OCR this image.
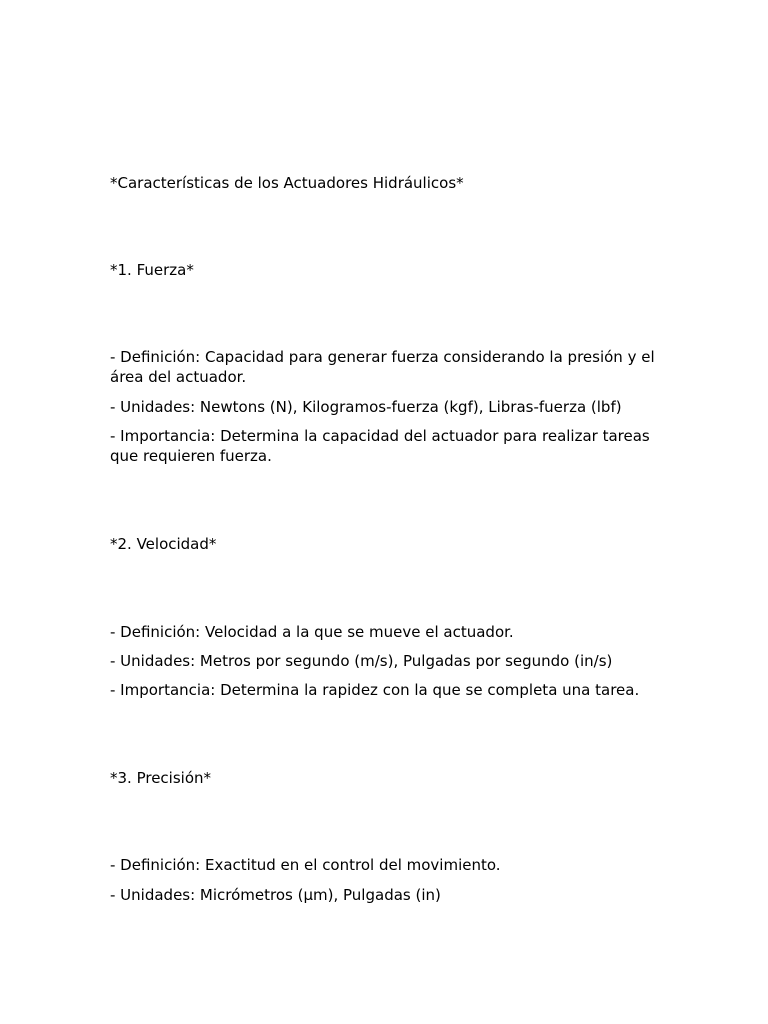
*Características de los Actuadores Hidráulicos*

*1. Fuerza*

- Definición: Capacidad para generar fuerza considerando la presión y el área del actuador.

- Unidades: Newtons (N), Kilogramos-fuerza (kgf), Libras-fuerza (lbf)

- Importancia: Determina la capacidad del actuador para realizar tareas que requieren fuerza.

*2. Velocidad*

- Definición: Velocidad a la que se mueve el actuador.

- Unidades: Metros por segundo (m/s), Pulgadas por segundo (in/s)

- Importancia: Determina la rapidez con la que se completa una tarea.

*3. Precisión*

- Definición: Exactitud en el control del movimiento.

- Unidades: Micrómetros (µm), Pulgadas (in)
